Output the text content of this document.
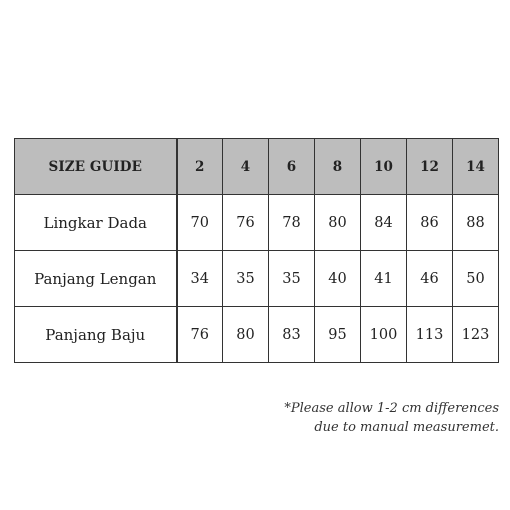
SIZE GUIDE	2	4	6	8	10	12	14
Lingkar Dada	70	76	78	80	84	86	88
Panjang Lengan	34	35	35	40	41	46	50
Panjang Baju	76	80	83	95	100	113	123
*Please allow 1-2 cm differences
due to manual measuremet.
